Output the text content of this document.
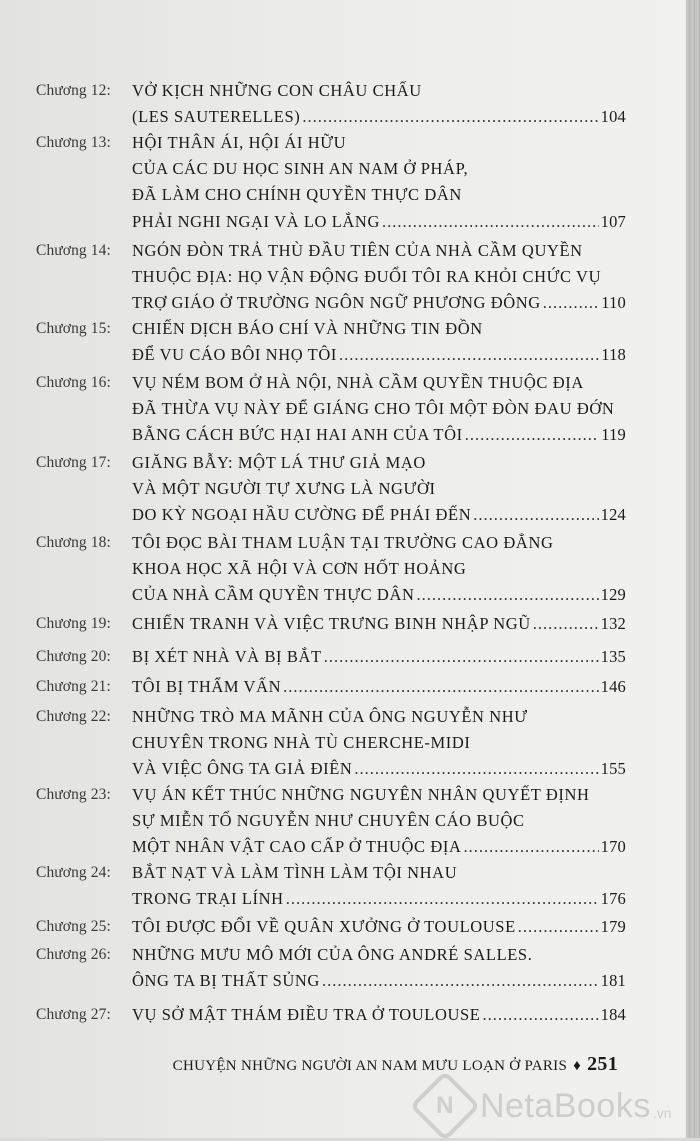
Chương 12: VỞ KỊCH NHỮNG CON CHÂU CHẤU
(LES SAUTERELLES) .....	104
Chương 13: HỘI THÂN ÁI, HỘI ÁI HỮU
CỦA CÁC DU HỌC SINH AN NAM Ở PHÁP,
ĐÃ LÀM CHO CHÍNH QUYỀN THỰC DÂN
PHẢI NGHI NGẠI VÀ LO LẮNG .....	107
Chương 14: NGÓN ĐÒN TRẢ THÙ ĐẦU TIÊN CỦA NHÀ CẦM QUYỀN
THUỘC ĐỊA: HỌ VẬN ĐỘNG ĐUỔI TÔI RA KHỎI CHỨC VỤ
TRỢ GIÁO Ở TRƯỜNG NGÔN NGỮ PHƯƠNG ĐÔNG .....	110
Chương 15: CHIẾN DỊCH BÁO CHÍ VÀ NHỮNG TIN ĐỒN
ĐỂ VU CÁO BÔI NHỌ TÔI .....	118
Chương 16: VỤ NÉM BOM Ở HÀ NỘI, NHÀ CẦM QUYỀN THUỘC ĐỊA
ĐÃ THỪA VỤ NÀY ĐỂ GIÁNG CHO TÔI MỘT ĐÒN ĐAU ĐỚN
BẰNG CÁCH BỨC HẠI HAI ANH CỦA TÔI .....	119
Chương 17: GIĂNG BẪY: MỘT LÁ THƯ GIẢ MẠO
VÀ MỘT NGƯỜI TỰ XƯNG LÀ NGƯỜI
DO KỲ NGOẠI HẦU CƯỜNG ĐỂ PHÁI ĐẾN .....	124
Chương 18: TÔI ĐỌC BÀI THAM LUẬN TẠI TRƯỜNG CAO ĐẲNG
KHOA HỌC XÃ HỘI VÀ CƠN HỐT HOẢNG
CỦA NHÀ CẦM QUYỀN THỰC DÂN .....	129
Chương 19: CHIẾN TRANH VÀ VIỆC TRƯNG BINH NHẬP NGŨ .....	132
Chương 20: BỊ XÉT NHÀ VÀ BỊ BẮT .....	135
Chương 21: TÔI BỊ THẨM VẤN .....	146
Chương 22: NHỮNG TRÒ MA MÃNH CỦA ÔNG NGUYỄN NHƯ
CHUYÊN TRONG NHÀ TÙ CHERCHE-MIDI
VÀ VIỆC ÔNG TA GIẢ ĐIÊN .....	155
Chương 23: VỤ ÁN KẾT THÚC NHỮNG NGUYÊN NHÂN QUYẾT ĐỊNH
SỰ MIỄN TỐ NGUYỄN NHƯ CHUYÊN CÁO BUỘC
MỘT NHÂN VẬT CAO CẤP Ở THUỘC ĐỊA .....	170
Chương 24: BẮT NẠT VÀ LÀM TÌNH LÀM TỘI NHAU
TRONG TRẠI LÍNH .....	176
Chương 25: TÔI ĐƯỢC ĐỔI VỀ QUÂN XƯỞNG Ở TOULOUSE .....	179
Chương 26: NHỮNG MƯU MÔ MỚI CỦA ÔNG ANDRÉ SALLES.
ÔNG TA BỊ THẤT SỦNG .....	181
Chương 27: VỤ SỞ MẬT THÁM ĐIỀU TRA Ở TOULOUSE .....	184
CHUYỆN NHỮNG NGƯỜI AN NAM MƯU LOẠN Ở PARIS ♦ 251
N NetaBooks .vn
